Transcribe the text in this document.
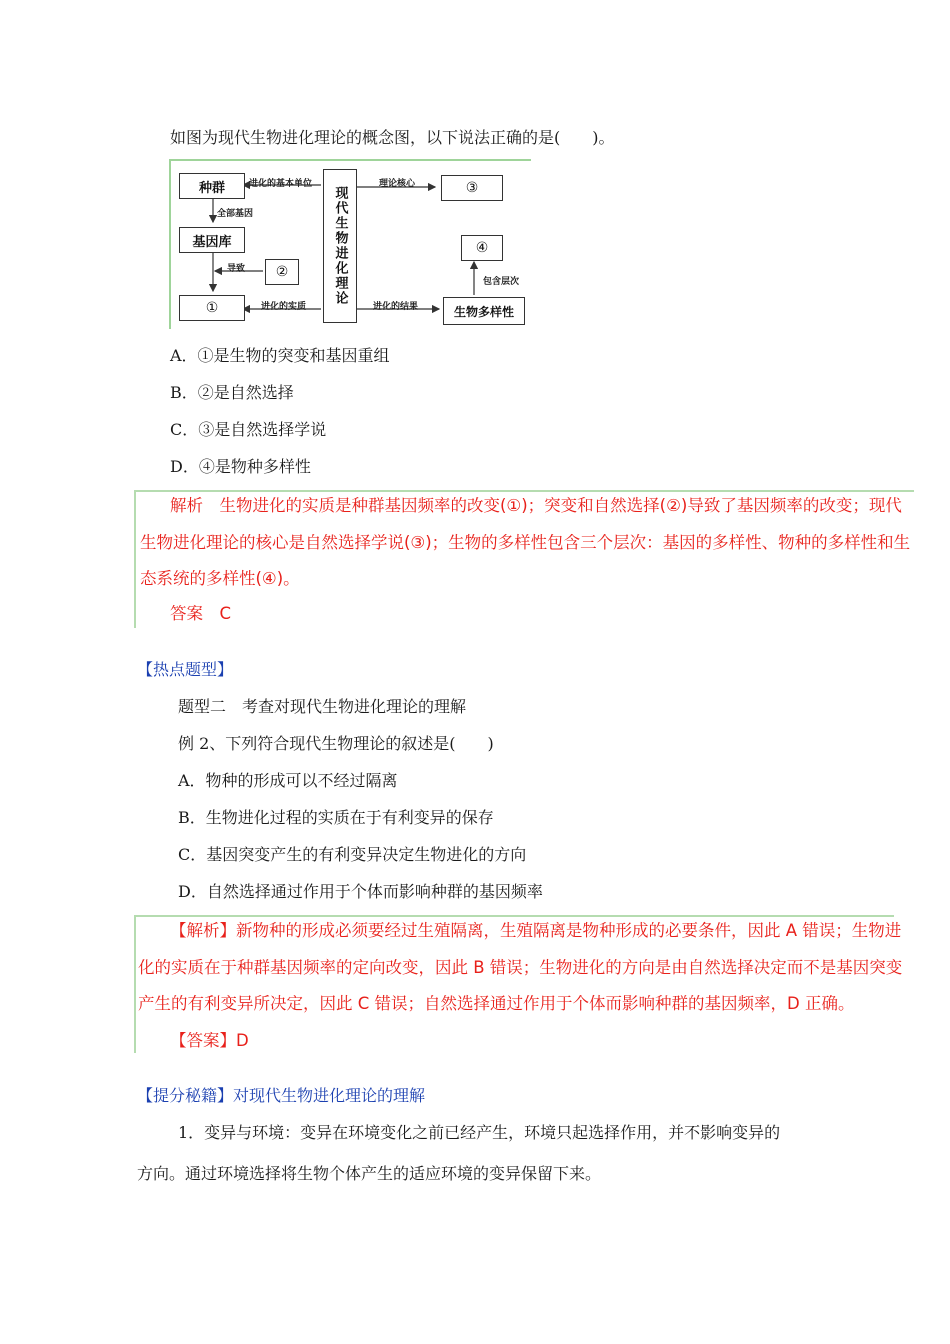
如图为现代生物进化理论的概念图，以下说法正确的是(　　)。
种群
基因库
①
②	现代生物进化理论	③
④
生物多样性
进化的基本单位
全部基因
导致
进化的实质
理论核心
进化的结果
包含层次
A．①是生物的突变和基因重组
B．②是自然选择
C．③是自然选择学说
D．④是物种多样性
解析　生物进化的实质是种群基因频率的改变(①)；突变和自然选择(②)导致了基因频率的改变；现代
生物进化理论的核心是自然选择学说(③)；生物的多样性包含三个层次：基因的多样性、物种的多样性和生
态系统的多样性(④)。
答案　C
【热点题型】
题型二　考查对现代生物进化理论的理解
例 2、下列符合现代生物理论的叙述是(　　)
A．物种的形成可以不经过隔离
B．生物进化过程的实质在于有利变异的保存
C．基因突变产生的有利变异决定生物进化的方向
D．自然选择通过作用于个体而影响种群的基因频率
【解析】新物种的形成必须要经过生殖隔离，生殖隔离是物种形成的必要条件，因此 A 错误；生物进
化的实质在于种群基因频率的定向改变，因此 B 错误；生物进化的方向是由自然选择决定而不是基因突变
产生的有利变异所决定，因此 C 错误；自然选择通过作用于个体而影响种群的基因频率，D 正确。
【答案】D
【提分秘籍】对现代生物进化理论的理解
1．变异与环境：变异在环境变化之前已经产生，环境只起选择作用，并不影响变异的
方向。通过环境选择将生物个体产生的适应环境的变异保留下来。
